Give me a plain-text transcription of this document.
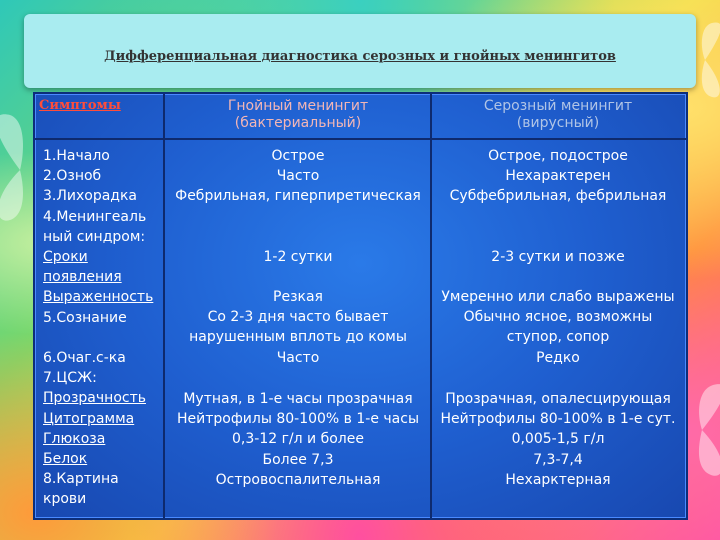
Дифференциальная диагностика серозных и гнойных менингитов
Симптомы	Гнойный менингит
(бактериальный)
Серозный менингит
(вирусный)
1.Начало
2.Озноб
3.Лихорадка
4.Менингеаль
ный синдром:
Сроки
появления
Выраженность
5.Сознание

6.Очаг.с-ка
7.ЦСЖ:
Прозрачность
Цитограмма
Глюкоза
Белок
8.Картина
крови
Острое
Часто
Фебрильная, гиперпиретическая
1-2 сутки
Резкая
Со 2-3 дня часто бывает
нарушенным вплоть до комы
Часто
Мутная, в 1-е часы прозрачная
Нейтрофилы 80-100% в 1-е часы
0,3-12 г/л и более
Более 7,3
Островоспалительная
Острое, подострое
Нехарактерен
Субфебрильная, фебрильная
2-3 сутки и позже
Умеренно или слабо выражены
Обычно ясное, возможны
ступор, сопор
Редко
Прозрачная, опалесцирующая
Нейтрофилы 80-100% в 1-е сут.
0,005-1,5 г/л
7,3-7,4
Нехарктерная
